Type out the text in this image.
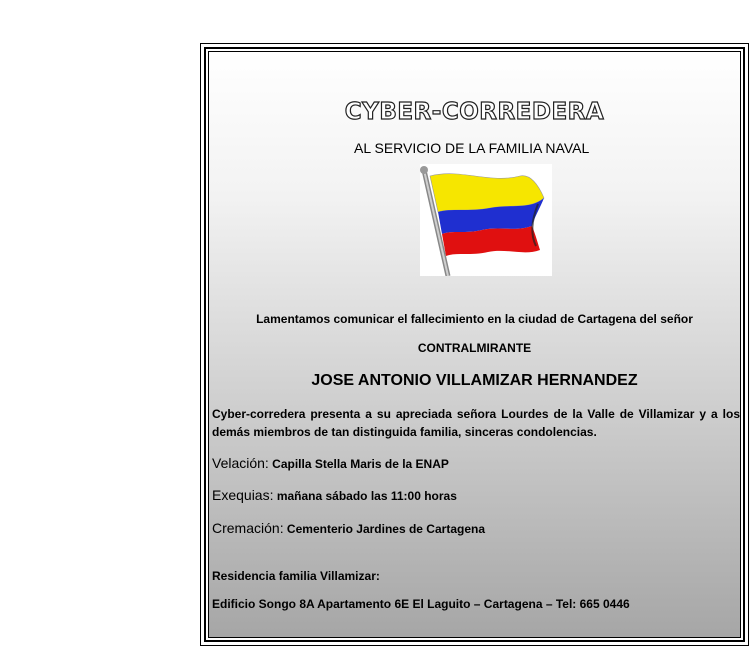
CYBER-CORREDERA
AL SERVICIO DE LA FAMILIA NAVAL
Lamentamos comunicar el fallecimiento en la ciudad de Cartagena del señor
CONTRALMIRANTE
JOSE ANTONIO VILLAMIZAR HERNANDEZ
Cyber-corredera presenta a su apreciada señora Lourdes de la Valle de Villamizar y a los demás miembros de tan distinguida familia, sinceras condolencias.
Velación: Capilla Stella Maris de la ENAP
Exequias: mañana sábado las 11:00 horas
Cremación: Cementerio Jardines de Cartagena
Residencia familia Villamizar:
Edificio Songo 8A Apartamento 6E El Laguito – Cartagena – Tel: 665 0446
